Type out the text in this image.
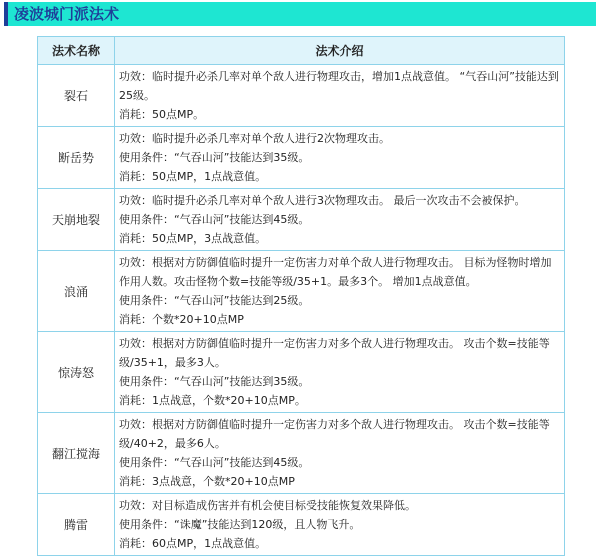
凌波城门派法术
法术名称	法术介绍
裂石	功效：临时提升必杀几率对单个敌人进行物理攻击，增加1点战意值。 “气吞山河”技能达到25级。
消耗：50点MP。

断岳势	功效：临时提升必杀几率对单个敌人进行2次物理攻击。
使用条件：“气吞山河”技能达到35级。
消耗：50点MP，1点战意值。

天崩地裂	功效：临时提升必杀几率对单个敌人进行3次物理攻击。 最后一次攻击不会被保护。
使用条件：“气吞山河”技能达到45级。
消耗：50点MP，3点战意值。

浪涌	功效：根据对方防御值临时提升一定伤害力对单个敌人进行物理攻击。 目标为怪物时增加作用人数。攻击怪物个数=技能等级/35+1。最多3个。 增加1点战意值。
使用条件：“气吞山河”技能达到25级。
消耗：个数*20+10点MP

惊涛怒	功效：根据对方防御值临时提升一定伤害力对多个敌人进行物理攻击。 攻击个数=技能等级/35+1，最多3人。
使用条件：“气吞山河”技能达到35级。
消耗：1点战意，个数*20+10点MP。

翻江搅海	功效：根据对方防御值临时提升一定伤害力对多个敌人进行物理攻击。 攻击个数=技能等级/40+2，最多6人。
使用条件：“气吞山河”技能达到45级。
消耗：3点战意，个数*20+10点MP

腾雷	功效：对目标造成伤害并有机会使目标受技能恢复效果降低。
使用条件：“诛魔”技能达到120级，且人物飞升。
消耗：60点MP，1点战意值。
